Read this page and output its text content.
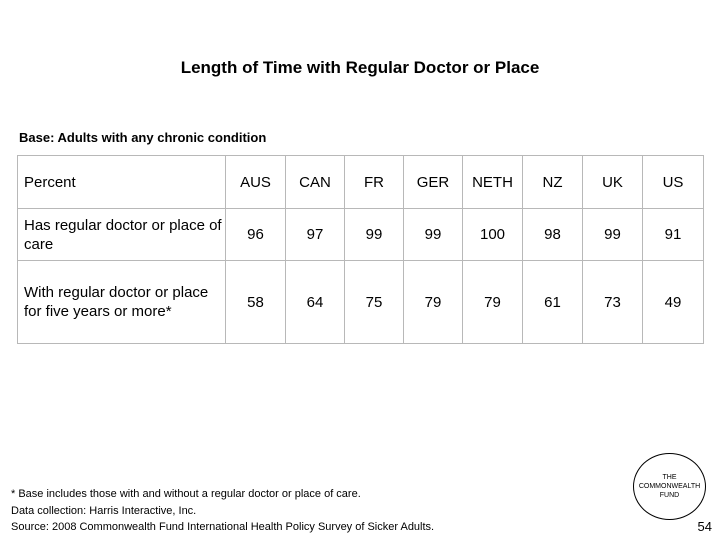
Length of Time with Regular Doctor or Place
Base: Adults with any chronic condition
Percent	AUS	CAN	FR	GER	NETH	NZ	UK	US
Has regular doctor or place of care	96	97	99	99	100	98	99	91
With regular doctor or place for five years or more*	58	64	75	79	79	61	73	49
* Base includes those with and without a regular doctor or place of care.
Data collection: Harris Interactive, Inc.
Source: 2008 Commonwealth Fund International Health Policy Survey of Sicker Adults.
THE
COMMONWEALTH
FUND
54
